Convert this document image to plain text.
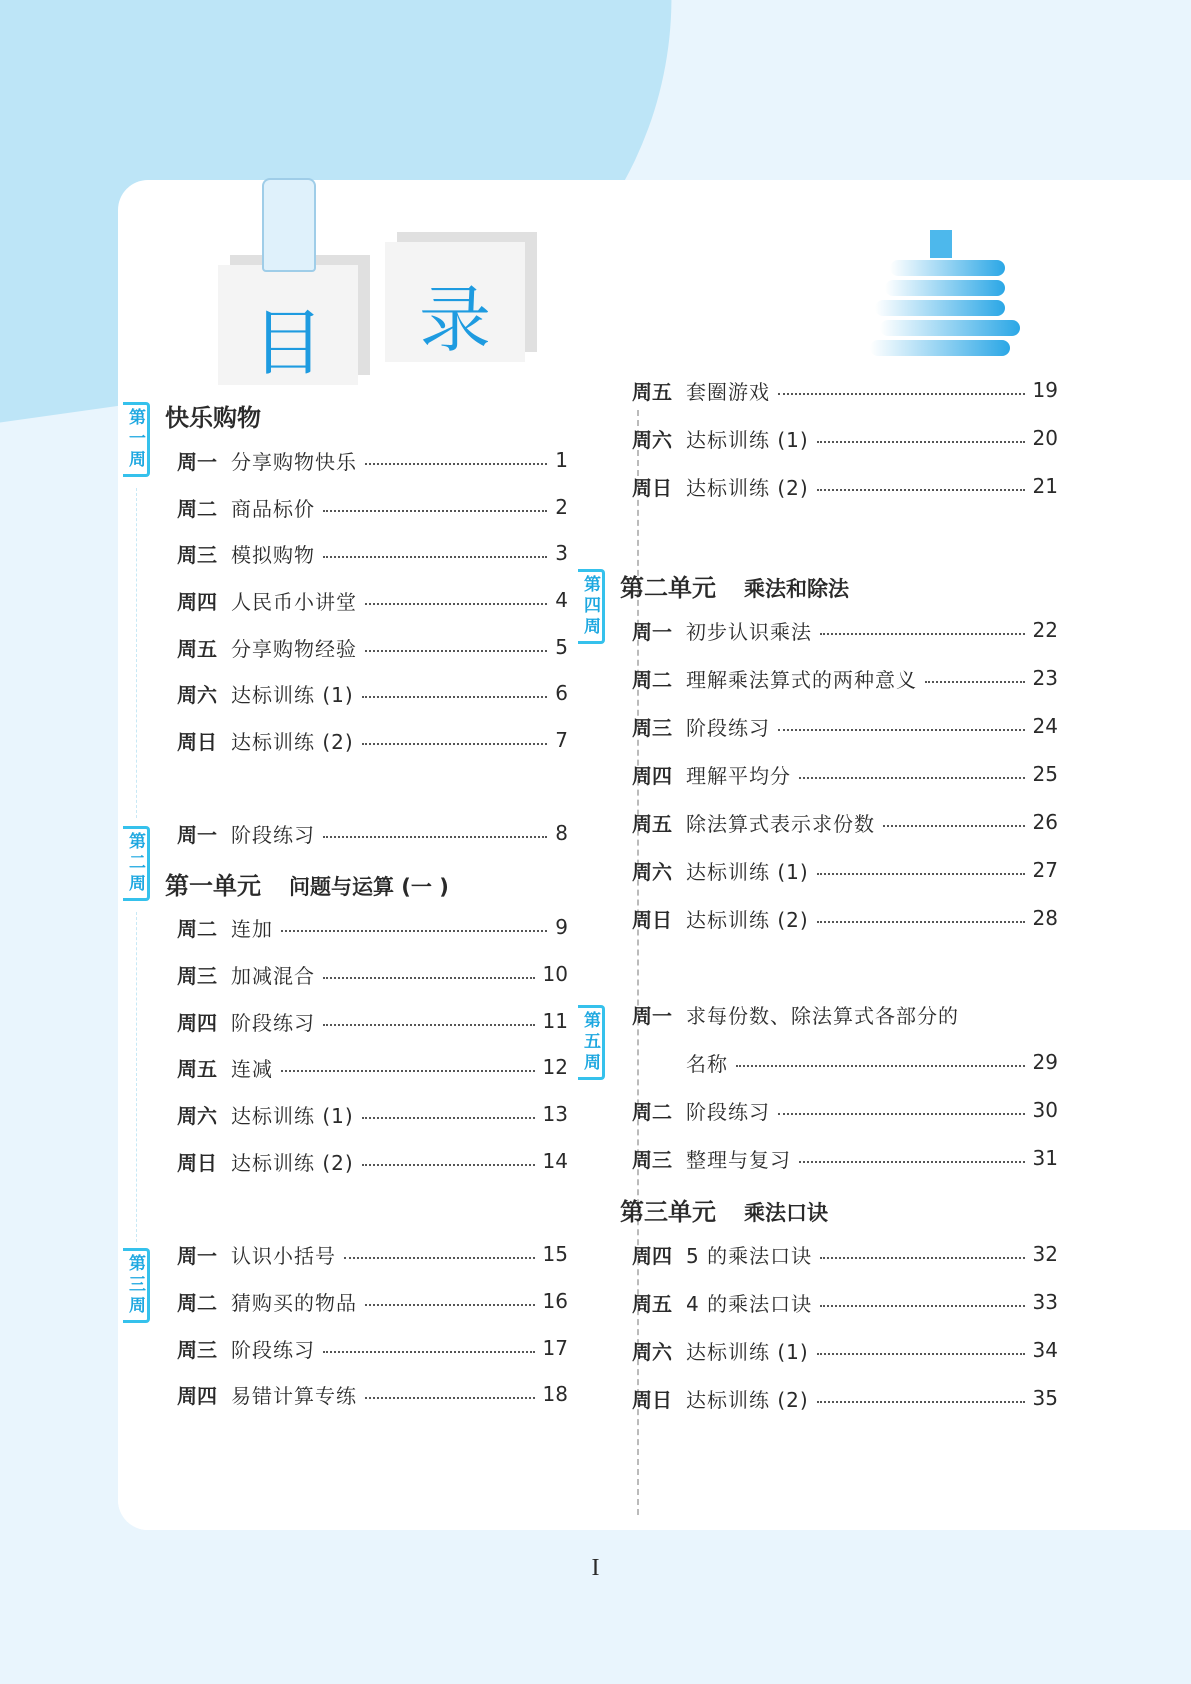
目	录
周一 分享购物快乐	1
周二 商品标价	2
周三 模拟购物	3
周四 人民币小讲堂	4
周五 分享购物经验	5
周六 达标训练 (1)	6
周日 达标训练 (2)	7
周一 阶段练习	8
周二 连加	9
周三 加减混合	10
周四 阶段练习	11
周五 连减	12
周六 达标训练 (1)	13
周日 达标训练 (2)	14
周一 认识小括号	15
周二 猜购买的物品	16
周三 阶段练习	17
周四 易错计算专练	18
周五 套圈游戏	19
周六 达标训练 (1)	20
周日 达标训练 (2)	21
周一 初步认识乘法	22
周二 理解乘法算式的两种意义	23
周三 阶段练习	24
周四 理解平均分	25
周五 除法算式表示求份数	26
周六 达标训练 (1)	27
周日 达标训练 (2)	28
周一 求每份数、除法算式各部分的
名称	29
周二 阶段练习	30
周三 整理与复习	31
周四 5 的乘法口诀	32
周五 4 的乘法口诀	33
周六 达标训练 (1)	34
周日 达标训练 (2)	35
快乐购物
第一单元 问题与运算 (一 )
第二单元 乘法和除法
第三单元 乘法口诀
第一周
第二周
第三周
第四周
第五周
I
